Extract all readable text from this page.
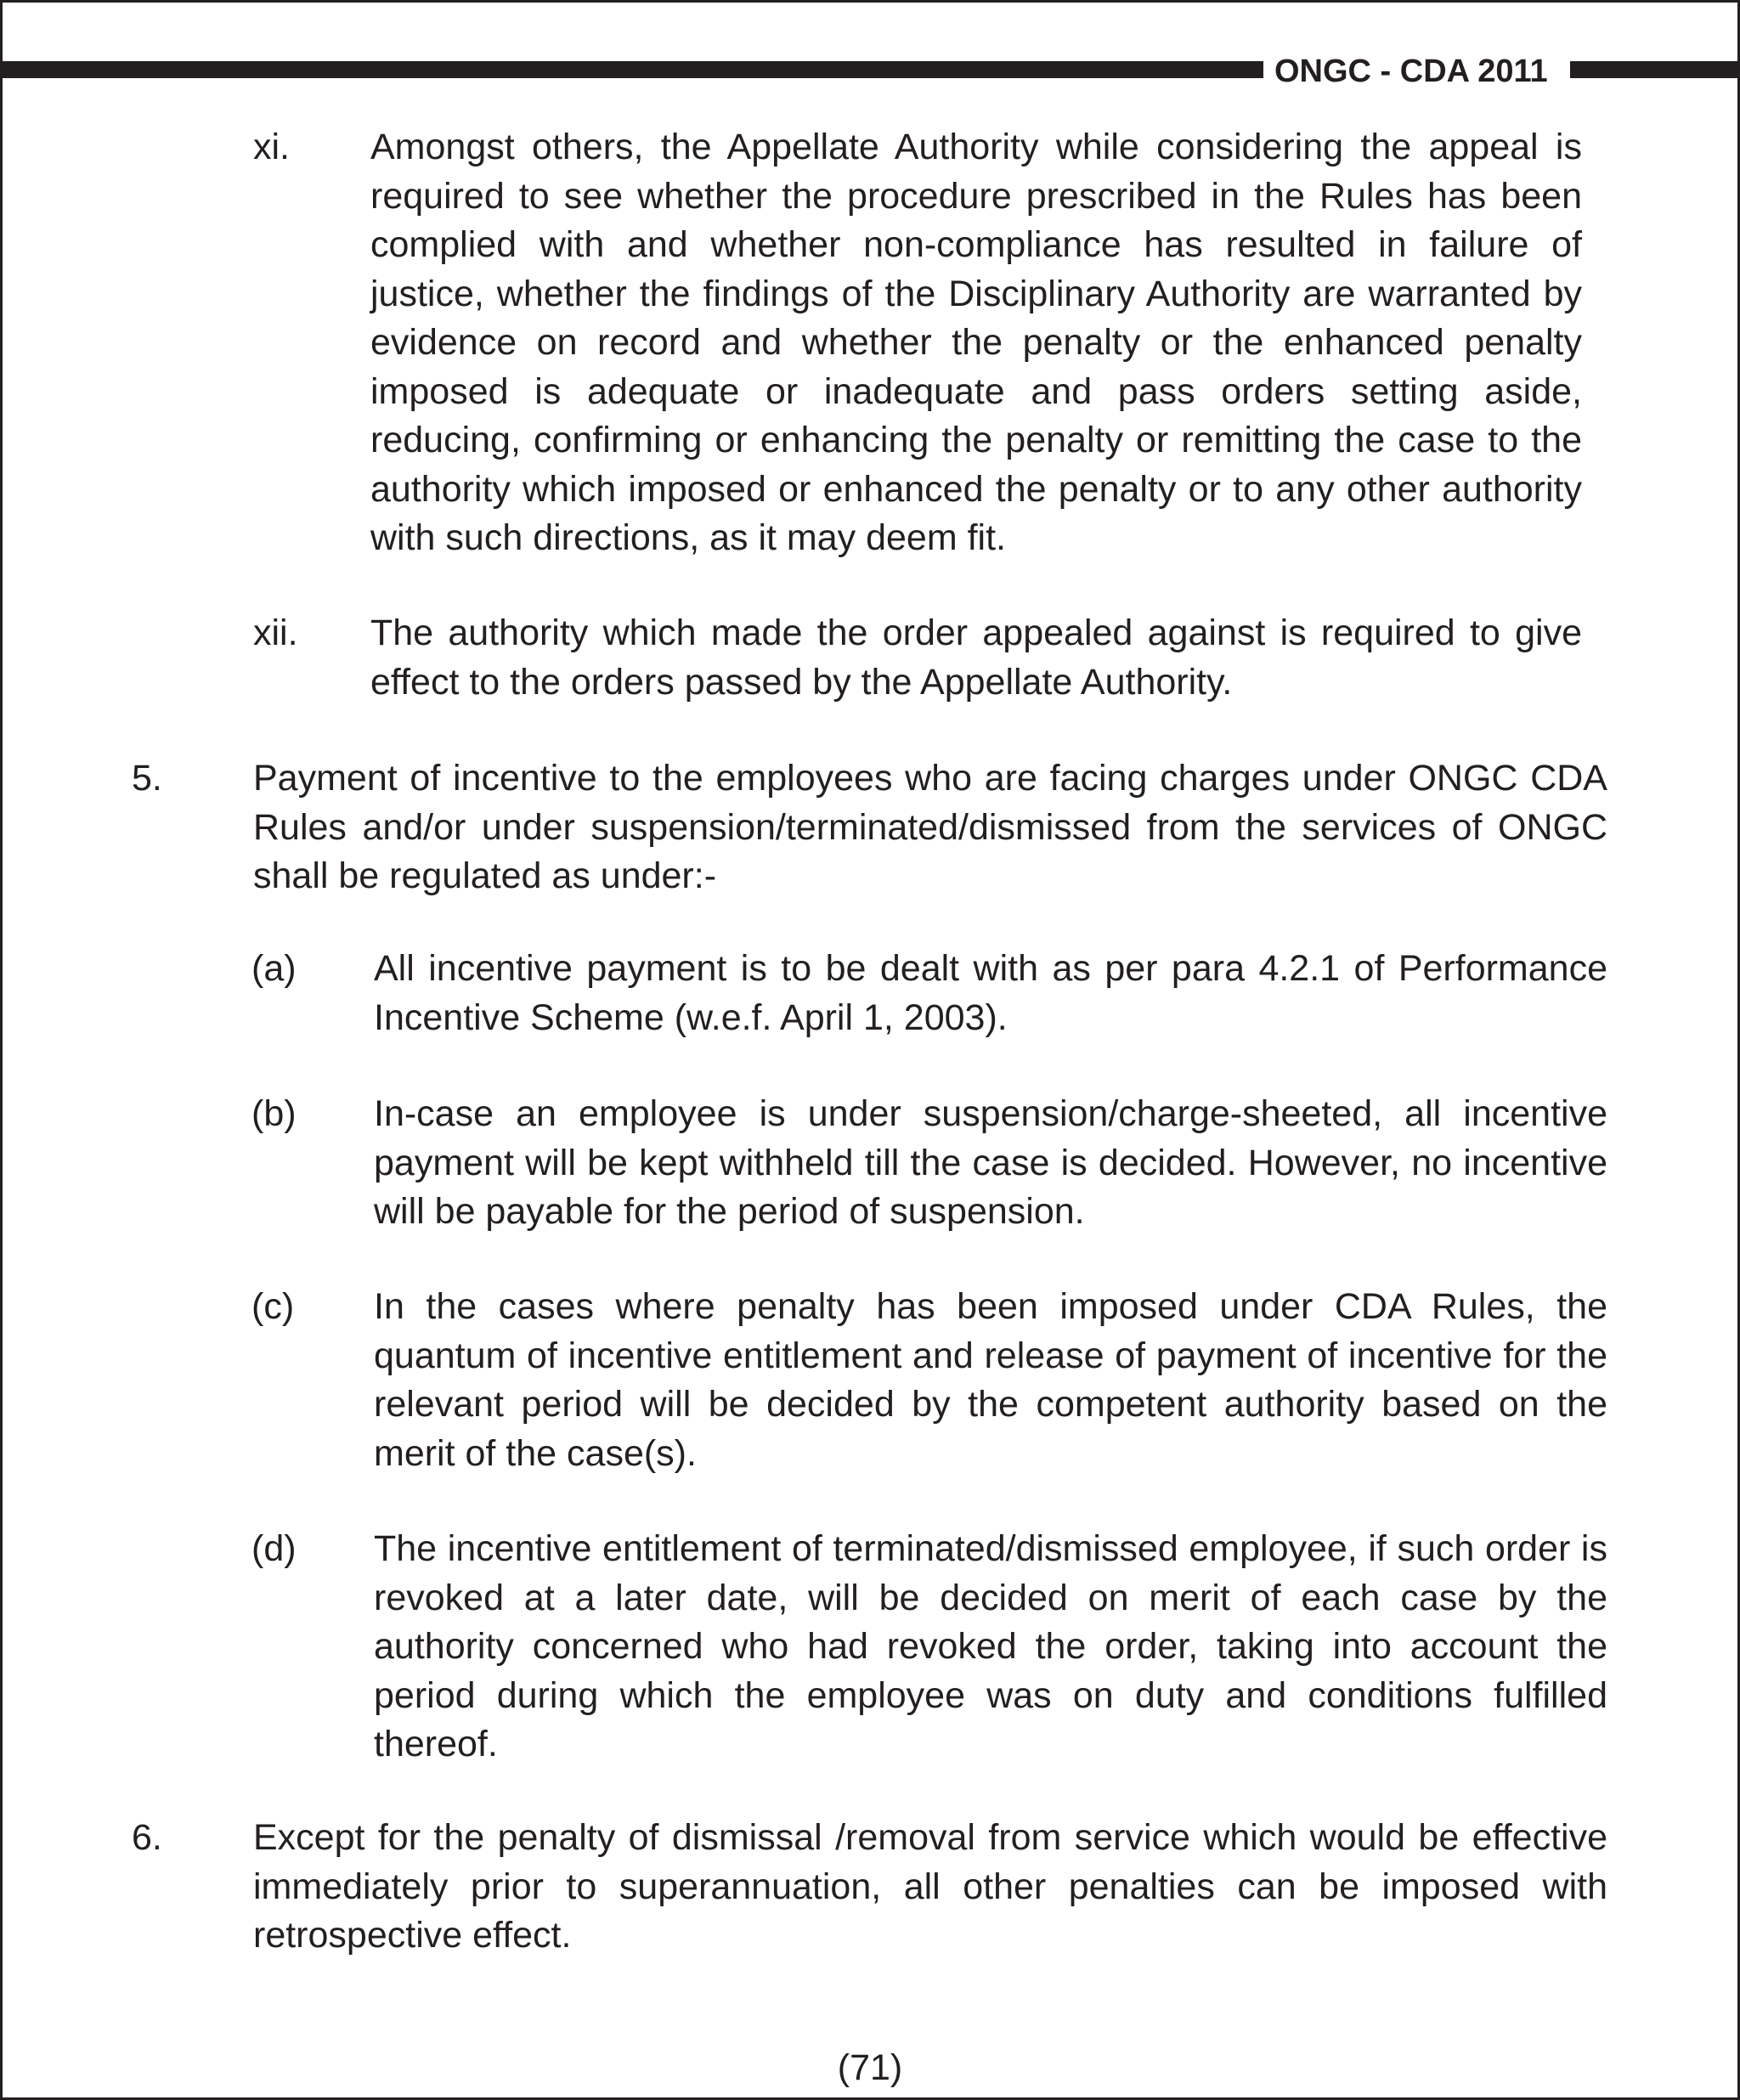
ONGC - CDA 2011
xi. Amongst others, the Appellate Authority while considering the appeal is required to see whether the procedure prescribed in the Rules has been complied with and whether non-compliance has resulted in failure of justice, whether the findings of the Disciplinary Authority are warranted by evidence on record and whether the penalty or the enhanced penalty imposed is adequate or inadequate and pass orders setting aside, reducing, confirming or enhancing the penalty or remitting the case to the authority which imposed or enhanced the penalty or to any other authority with such directions, as it may deem fit.
xii. The authority which made the order appealed against is required to give effect to the orders passed by the Appellate Authority.
5. Payment of incentive to the employees who are facing charges under ONGC CDA Rules and/or under suspension/terminated/dismissed from the services of ONGC shall be regulated as under:-
(a) All incentive payment is to be dealt with as per para 4.2.1 of Performance Incentive Scheme (w.e.f. April 1, 2003).
(b) In-case an employee is under suspension/charge-sheeted, all incentive payment will be kept withheld till the case is decided. However, no incentive will be payable for the period of suspension.
(c) In the cases where penalty has been imposed under CDA Rules, the quantum of incentive entitlement and release of payment of incentive for the relevant period will be decided by the competent authority based on the merit of the case(s).
(d) The incentive entitlement of terminated/dismissed employee, if such order is revoked at a later date, will be decided on merit of each case by the authority concerned who had revoked the order, taking into account the period during which the employee was on duty and conditions fulfilled thereof.
6. Except for the penalty of dismissal /removal from service which would be effective immediately prior to superannuation, all other penalties can be imposed with retrospective effect.
(71)
